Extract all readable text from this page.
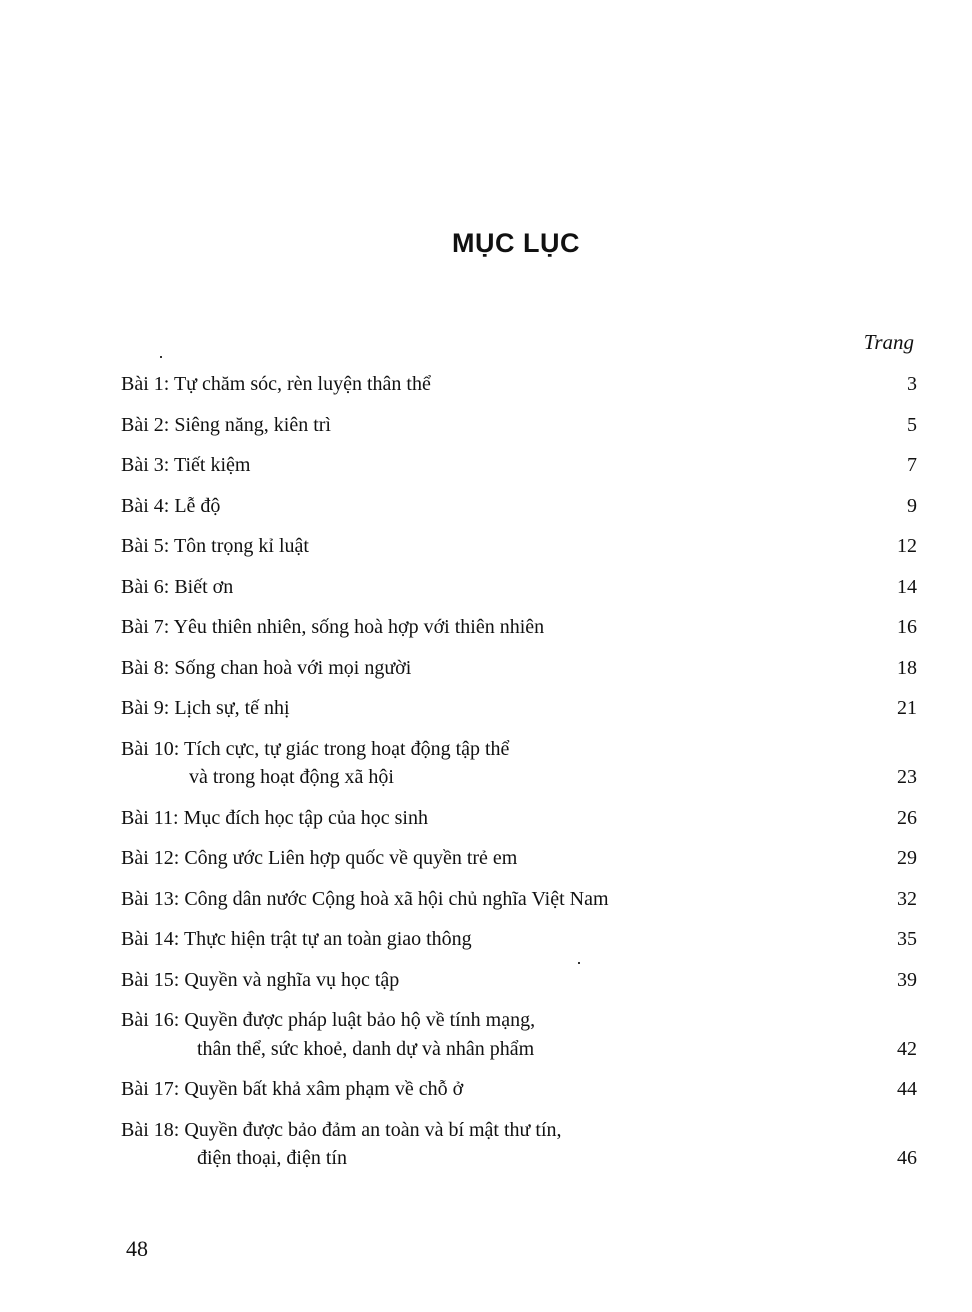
MỤC LỤC
Trang
Bài 1: Tự chăm sóc, rèn luyện thân thể	3
Bài 2: Siêng năng, kiên trì	5
Bài 3: Tiết kiệm	7
Bài 4: Lễ độ	9
Bài 5: Tôn trọng kỉ luật	12
Bài 6: Biết ơn	14
Bài 7: Yêu thiên nhiên, sống hoà hợp với thiên nhiên	16
Bài 8: Sống chan hoà với mọi người	18
Bài 9: Lịch sự, tế nhị	21
Bài 10: Tích cực, tự giác trong hoạt động tập thể
và trong hoạt động xã hội	23
Bài 11: Mục đích học tập của học sinh	26
Bài 12: Công ước Liên hợp quốc về quyền trẻ em	29
Bài 13: Công dân nước Cộng hoà xã hội chủ nghĩa Việt Nam	32
Bài 14: Thực hiện trật tự an toàn giao thông	35
Bài 15: Quyền và nghĩa vụ học tập	39
Bài 16: Quyền được pháp luật bảo hộ về tính mạng,
thân thể, sức khoẻ, danh dự và nhân phẩm	42
Bài 17: Quyền bất khả xâm phạm về chỗ ở	44
Bài 18: Quyền được bảo đảm an toàn và bí mật thư tín,
điện thoại, điện tín	46
48
